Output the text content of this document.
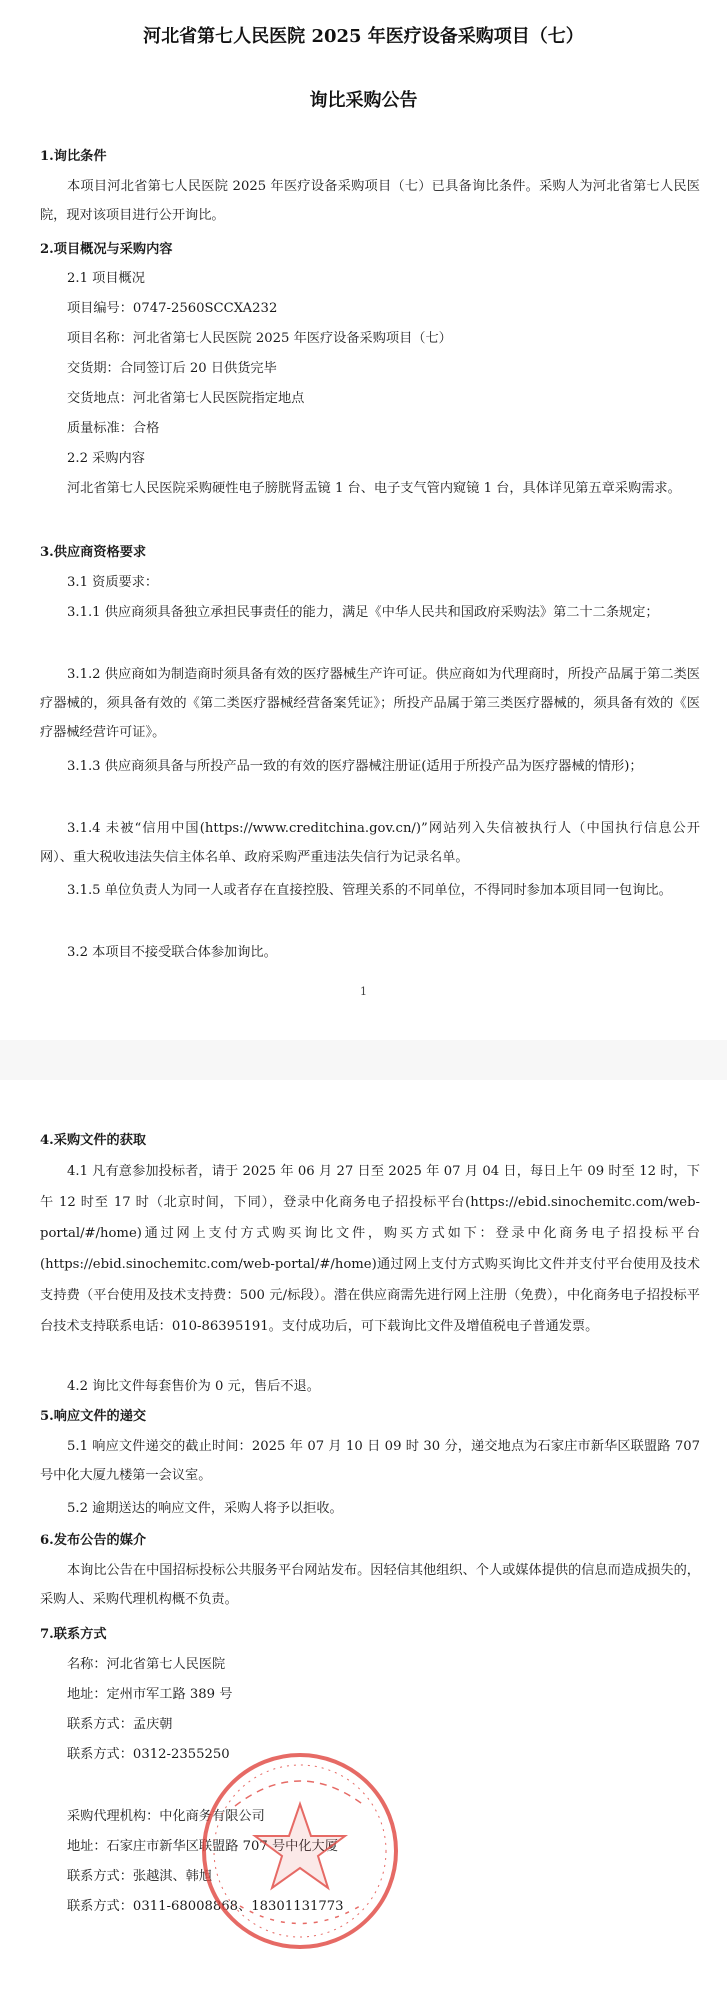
河北省第七人民医院 2025 年医疗设备采购项目（七）
询比采购公告
1.询比条件
本项目河北省第七人民医院 2025 年医疗设备采购项目（七）已具备询比条件。采购人为河北省第七人民医院，现对该项目进行公开询比。
2.项目概况与采购内容
2.1 项目概况
项目编号：0747-2560SCCXA232
项目名称：河北省第七人民医院 2025 年医疗设备采购项目（七）
交货期：合同签订后 20 日供货完毕
交货地点：河北省第七人民医院指定地点
质量标准：合格
2.2 采购内容
河北省第七人民医院采购硬性电子膀胱肾盂镜 1 台、电子支气管内窥镜 1 台，具体详见第五章采购需求。
3.供应商资格要求
3.1 资质要求：
3.1.1 供应商须具备独立承担民事责任的能力，满足《中华人民共和国政府采购法》第二十二条规定；
3.1.2 供应商如为制造商时须具备有效的医疗器械生产许可证。供应商如为代理商时，所投产品属于第二类医疗器械的，须具备有效的《第二类医疗器械经营备案凭证》；所投产品属于第三类医疗器械的，须具备有效的《医疗器械经营许可证》。
3.1.3 供应商须具备与所投产品一致的有效的医疗器械注册证(适用于所投产品为医疗器械的情形)；
3.1.4 未被“信用中国(https://www.creditchina.gov.cn/)”网站列入失信被执行人（中国执行信息公开网）、重大税收违法失信主体名单、政府采购严重违法失信行为记录名单。
3.1.5 单位负责人为同一人或者存在直接控股、管理关系的不同单位，不得同时参加本项目同一包询比。
3.2 本项目不接受联合体参加询比。
1
4.采购文件的获取
4.1 凡有意参加投标者，请于 2025 年 06 月 27 日至 2025 年 07 月 04 日，每日上午 09 时至 12 时，下午 12 时至 17 时（北京时间，下同），登录中化商务电子招投标平台(https://ebid.sinochemitc.com/web-portal/#/home)通过网上支付方式购买询比文件，购买方式如下：登录中化商务电子招投标平台(https://ebid.sinochemitc.com/web-portal/#/home)通过网上支付方式购买询比文件并支付平台使用及技术支持费（平台使用及技术支持费：500 元/标段）。潜在供应商需先进行网上注册（免费），中化商务电子招投标平台技术支持联系电话：010-86395191。支付成功后，可下载询比文件及增值税电子普通发票。
4.2 询比文件每套售价为 0 元，售后不退。
5.响应文件的递交
5.1 响应文件递交的截止时间：2025 年 07 月 10 日 09 时 30 分，递交地点为石家庄市新华区联盟路 707 号中化大厦九楼第一会议室。
5.2 逾期送达的响应文件，采购人将予以拒收。
6.发布公告的媒介
本询比公告在中国招标投标公共服务平台网站发布。因轻信其他组织、个人或媒体提供的信息而造成损失的，采购人、采购代理机构概不负责。
7.联系方式
名称：河北省第七人民医院
地址：定州市军工路 389 号
联系方式：孟庆朝
联系方式：0312-2355250
采购代理机构：中化商务有限公司
地址：石家庄市新华区联盟路 707 号中化大厦
联系方式：张越淇、韩旭
联系方式：0311-68008868、18301131773
